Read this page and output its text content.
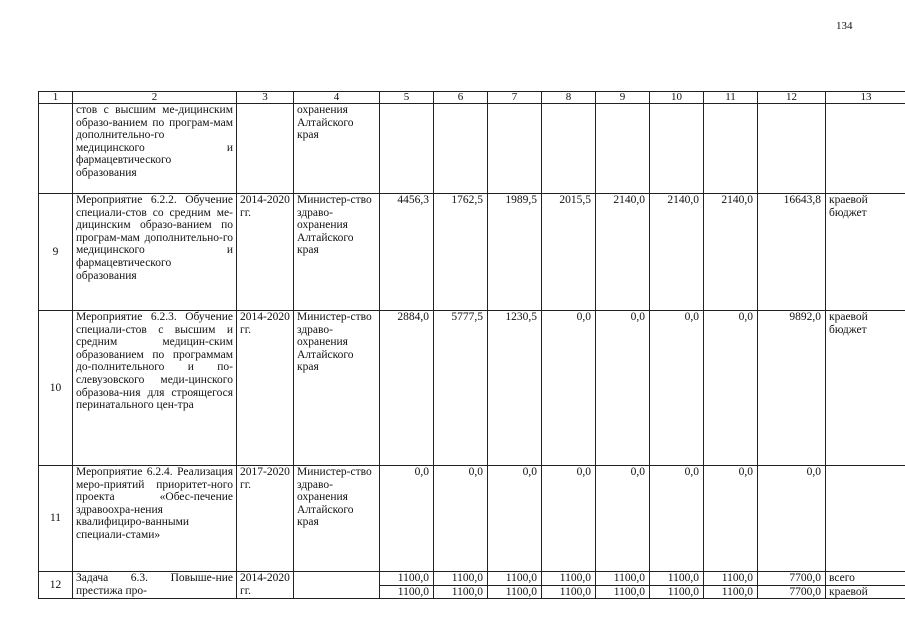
134
1	2	3	4	5	6	7	8	9	10	11	12	13
	стов с высшим ме-дицинским образо-ванием по програм-мам дополнительно-го медицинского и фармацевтического образования		охранения Алтайского края									
9	Мероприятие 6.2.2. Обучение специали-стов со средним ме-дицинским образо-ванием по програм-мам дополнительно-го медицинского и фармацевтического образования	2014-2020 гг.	Министер-ство здраво-охранения Алтайского края	4456,3	1762,5	1989,5	2015,5	2140,0	2140,0	2140,0	16643,8	краевой бюджет
10	Мероприятие 6.2.3. Обучение специали-стов с высшим и средним медицин-ским образованием по программам до-полнительного и по-слевузовского меди-цинского образова-ния для строящегося перинатального цен-тра	2014-2020 гг.	Министер-ство здраво-охранения Алтайского края	2884,0	5777,5	1230,5	0,0	0,0	0,0	0,0	9892,0	краевой бюджет
11	Мероприятие 6.2.4. Реализация меро-приятий приоритет-ного проекта «Обес-печение здравоохра-нения квалифициро-ванными специали-стами»	2017-2020 гг.	Министер-ство здраво-охранения Алтайского края	0,0	0,0	0,0	0,0	0,0	0,0	0,0	0,0	
12	Задача 6.3. Повыше-ние престижа про-	2014-2020 гг.		1100,0	1100,0	1100,0	1100,0	1100,0	1100,0	1100,0	7700,0	всего
				1100,0	1100,0	1100,0	1100,0	1100,0	1100,0	1100,0	7700,0	краевой
